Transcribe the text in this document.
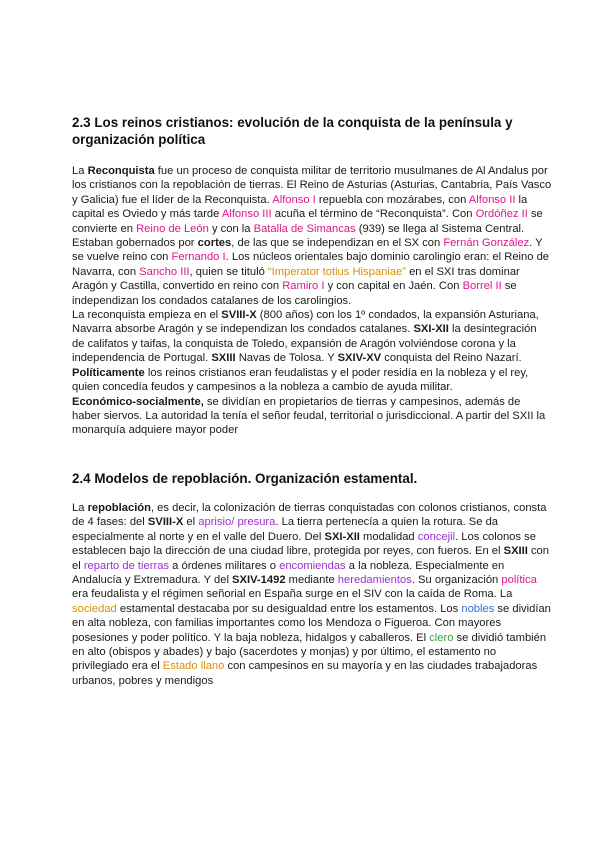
2.3 Los reinos cristianos: evolución de la conquista de la península y organización política

La Reconquista fue un proceso de conquista militar de territorio musulmanes de Al Andalus por los cristianos con la repoblación de tierras. El Reino de Asturias (Asturias, Cantabria, País Vasco y Galicia) fue el líder de la Reconquista. Alfonso I repuebla con mozárabes, con Alfonso II la capital es Oviedo y más tarde Alfonso III acuña el término de “Reconquista”. Con Ordóñez II se convierte en Reino de León y con la Batalla de Simancas (939) se llega al Sistema Central. Estaban gobernados por cortes, de las que se independizan en el SX con Fernán González. Y se vuelve reino con Fernando I. Los núcleos orientales bajo dominio carolingio eran: el Reino de Navarra, con Sancho III, quien se tituló “Imperator totius Hispaniae” en el SXI tras dominar Aragón y Castilla, convertido en reino con Ramiro I y con capital en Jaén. Con Borrel II se independizan los condados catalanes de los carolingios.

La reconquista empieza en el SVIII-X (800 años) con los 1º condados, la expansión Asturiana, Navarra absorbe Aragón y se independizan los condados catalanes. SXI-XII la desintegración de califatos y taifas, la conquista de Toledo, expansión de Aragón volviéndose corona y la independencia de Portugal. SXIII Navas de Tolosa. Y SXIV-XV conquista del Reino Nazarí.

Políticamente los reinos cristianos eran feudalistas y el poder residía en la nobleza y el rey, quien concedía feudos y campesinos a la nobleza a cambio de ayuda militar.

Económico-socialmente, se dividían en propietarios de tierras y campesinos, además de haber siervos. La autoridad la tenía el señor feudal, territorial o jurisdiccional. A partir del SXII la monarquía adquiere mayor poder

2.4 Modelos de repoblación. Organización estamental.

La repoblación, es decir, la colonización de tierras conquistadas con colonos cristianos, consta de 4 fases: del SVIII-X el aprisio/ presura. La tierra pertenecía a quien la rotura. Se da especialmente al norte y en el valle del Duero. Del SXI-XII modalidad concejil. Los colonos se establecen bajo la dirección de una ciudad libre, protegida por reyes, con fueros. En el SXIII con el reparto de tierras a órdenes militares o encomiendas a la nobleza. Especialmente en Andalucía y Extremadura. Y del SXIV-1492 mediante heredamientos. Su organización política era feudalista y el régimen señorial en España surge en el SIV con la caída de Roma. La sociedad estamental destacaba por su desigualdad entre los estamentos. Los nobles se dividían en alta nobleza, con familias importantes como los Mendoza o Figueroa. Con mayores posesiones y poder político. Y la baja nobleza, hidalgos y caballeros. El clero se dividió también en alto (obispos y abades) y bajo (sacerdotes y monjas) y por último, el estamento no privilegiado era el Estado llano con campesinos en su mayoría y en las ciudades trabajadoras urbanos, pobres y mendigos
